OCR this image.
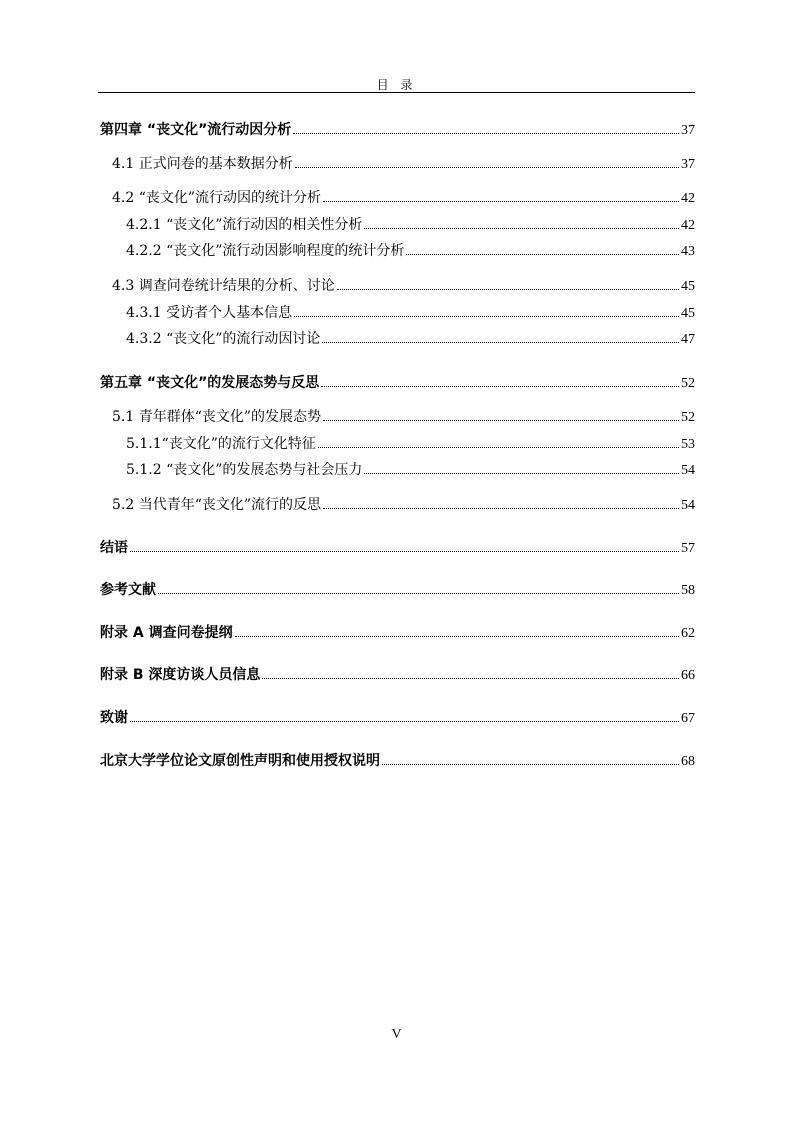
目 录
第四章 “丧文化”流行动因分析	37
4.1 正式问卷的基本数据分析	37
4.2 “丧文化”流行动因的统计分析	42
4.2.1 “丧文化”流行动因的相关性分析	42
4.2.2 “丧文化”流行动因影响程度的统计分析	43
4.3 调查问卷统计结果的分析、讨论	45
4.3.1 受访者个人基本信息	45
4.3.2 “丧文化”的流行动因讨论	47
第五章 “丧文化”的发展态势与反思	52
5.1 青年群体“丧文化”的发展态势	52
5.1.1“丧文化”的流行文化特征	53
5.1.2 “丧文化”的发展态势与社会压力	54
5.2 当代青年“丧文化”流行的反思	54
结语	57
参考文献	58
附录 A 调查问卷提纲	62
附录 B 深度访谈人员信息	66
致谢	67
北京大学学位论文原创性声明和使用授权说明	68
V
